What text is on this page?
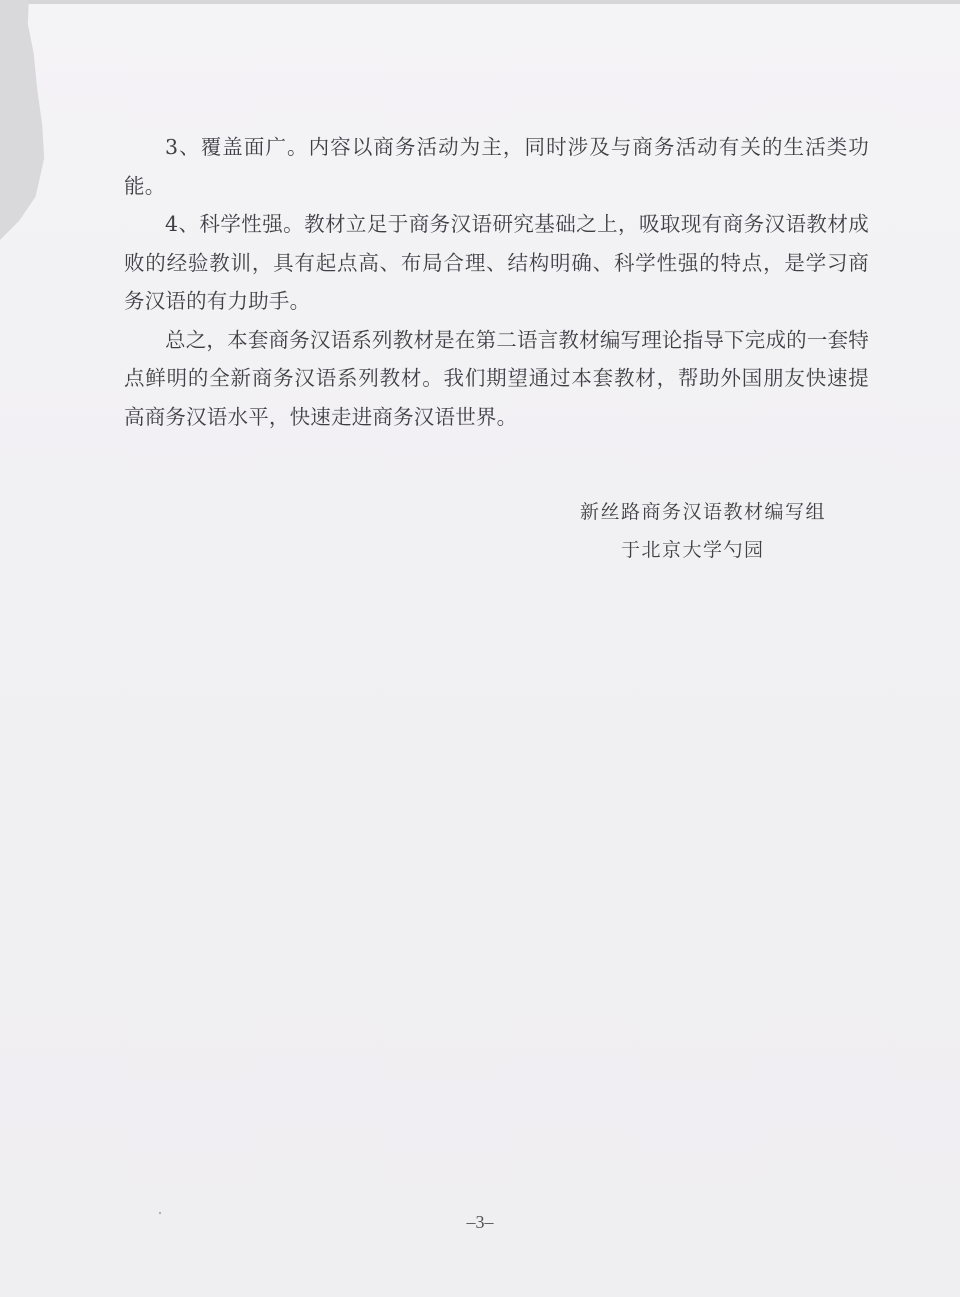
3、覆盖面广。内容以商务活动为主，同时涉及与商务活动有关的生活类功能。

4、科学性强。教材立足于商务汉语研究基础之上，吸取现有商务汉语教材成败的经验教训，具有起点高、布局合理、结构明确、科学性强的特点，是学习商务汉语的有力助手。

总之，本套商务汉语系列教材是在第二语言教材编写理论指导下完成的一套特点鲜明的全新商务汉语系列教材。我们期望通过本套教材，帮助外国朋友快速提高商务汉语水平，快速走进商务汉语世界。

新丝路商务汉语教材编写组
于北京大学勺园
–3–
